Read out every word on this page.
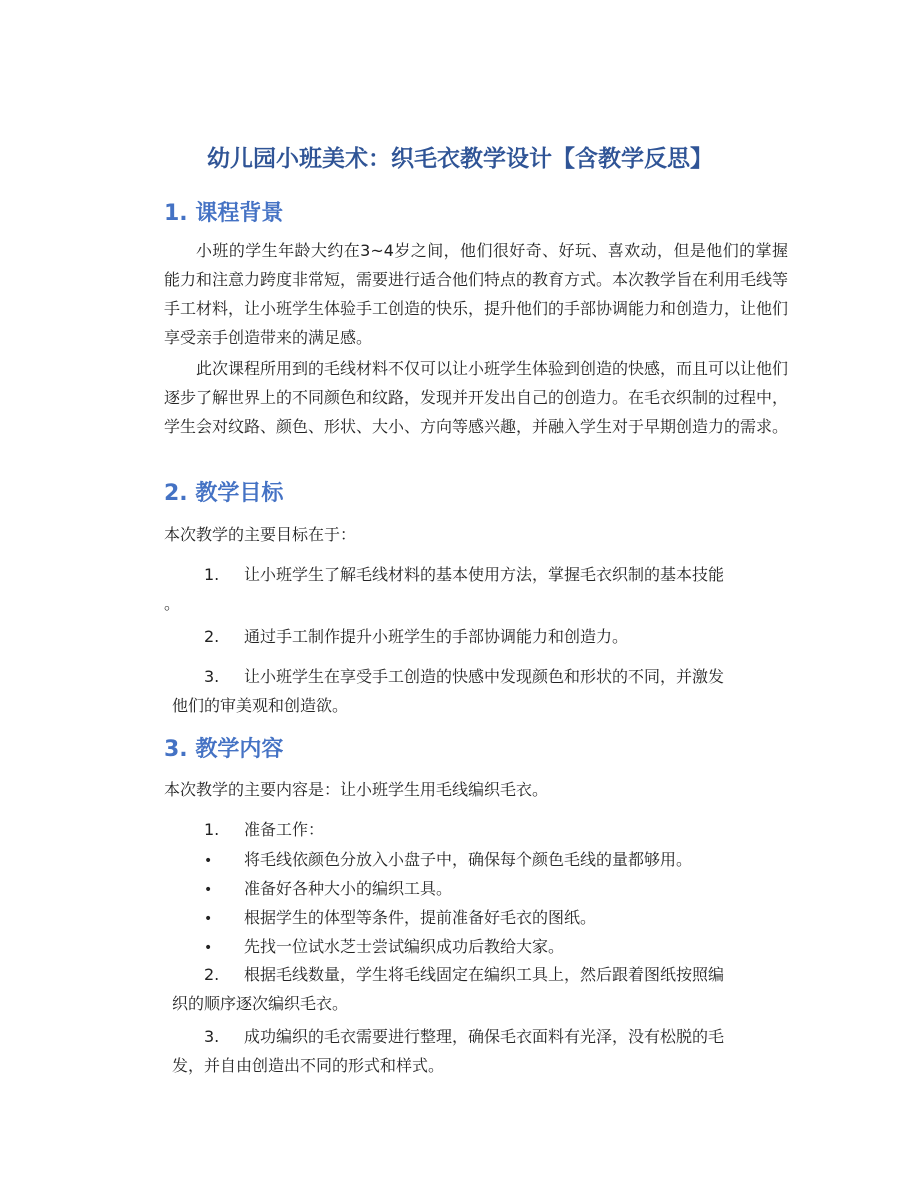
幼儿园小班美术：织毛衣教学设计【含教学反思】
1. 课程背景

小班的学生年龄大约在3~4岁之间，他们很好奇、好玩、喜欢动，但是他们的掌握能力和注意力跨度非常短，需要进行适合他们特点的教育方式。本次教学旨在利用毛线等手工材料，让小班学生体验手工创造的快乐，提升他们的手部协调能力和创造力，让他们享受亲手创造带来的满足感。

此次课程所用到的毛线材料不仅可以让小班学生体验到创造的快感，而且可以让他们逐步了解世界上的不同颜色和纹路，发现并开发出自己的创造力。在毛衣织制的过程中，学生会对纹路、颜色、形状、大小、方向等感兴趣，并融入学生对于早期创造力的需求。

2. 教学目标

本次教学的主要目标在于：

1. 让小班学生了解毛线材料的基本使用方法，掌握毛衣织制的基本技能
。
2. 通过手工制作提升小班学生的手部协调能力和创造力。
3. 让小班学生在享受手工创造的快感中发现颜色和形状的不同，并激发
他们的审美观和创造欲。
3. 教学内容

本次教学的主要内容是：让小班学生用毛线编织毛衣。

1. 准备工作：
• 将毛线依颜色分放入小盘子中，确保每个颜色毛线的量都够用。
• 准备好各种大小的编织工具。
• 根据学生的体型等条件，提前准备好毛衣的图纸。
• 先找一位试水芝士尝试编织成功后教给大家。
2. 根据毛线数量，学生将毛线固定在编织工具上，然后跟着图纸按照编
织的顺序逐次编织毛衣。
3. 成功编织的毛衣需要进行整理，确保毛衣面料有光泽，没有松脱的毛
发，并自由创造出不同的形式和样式。
